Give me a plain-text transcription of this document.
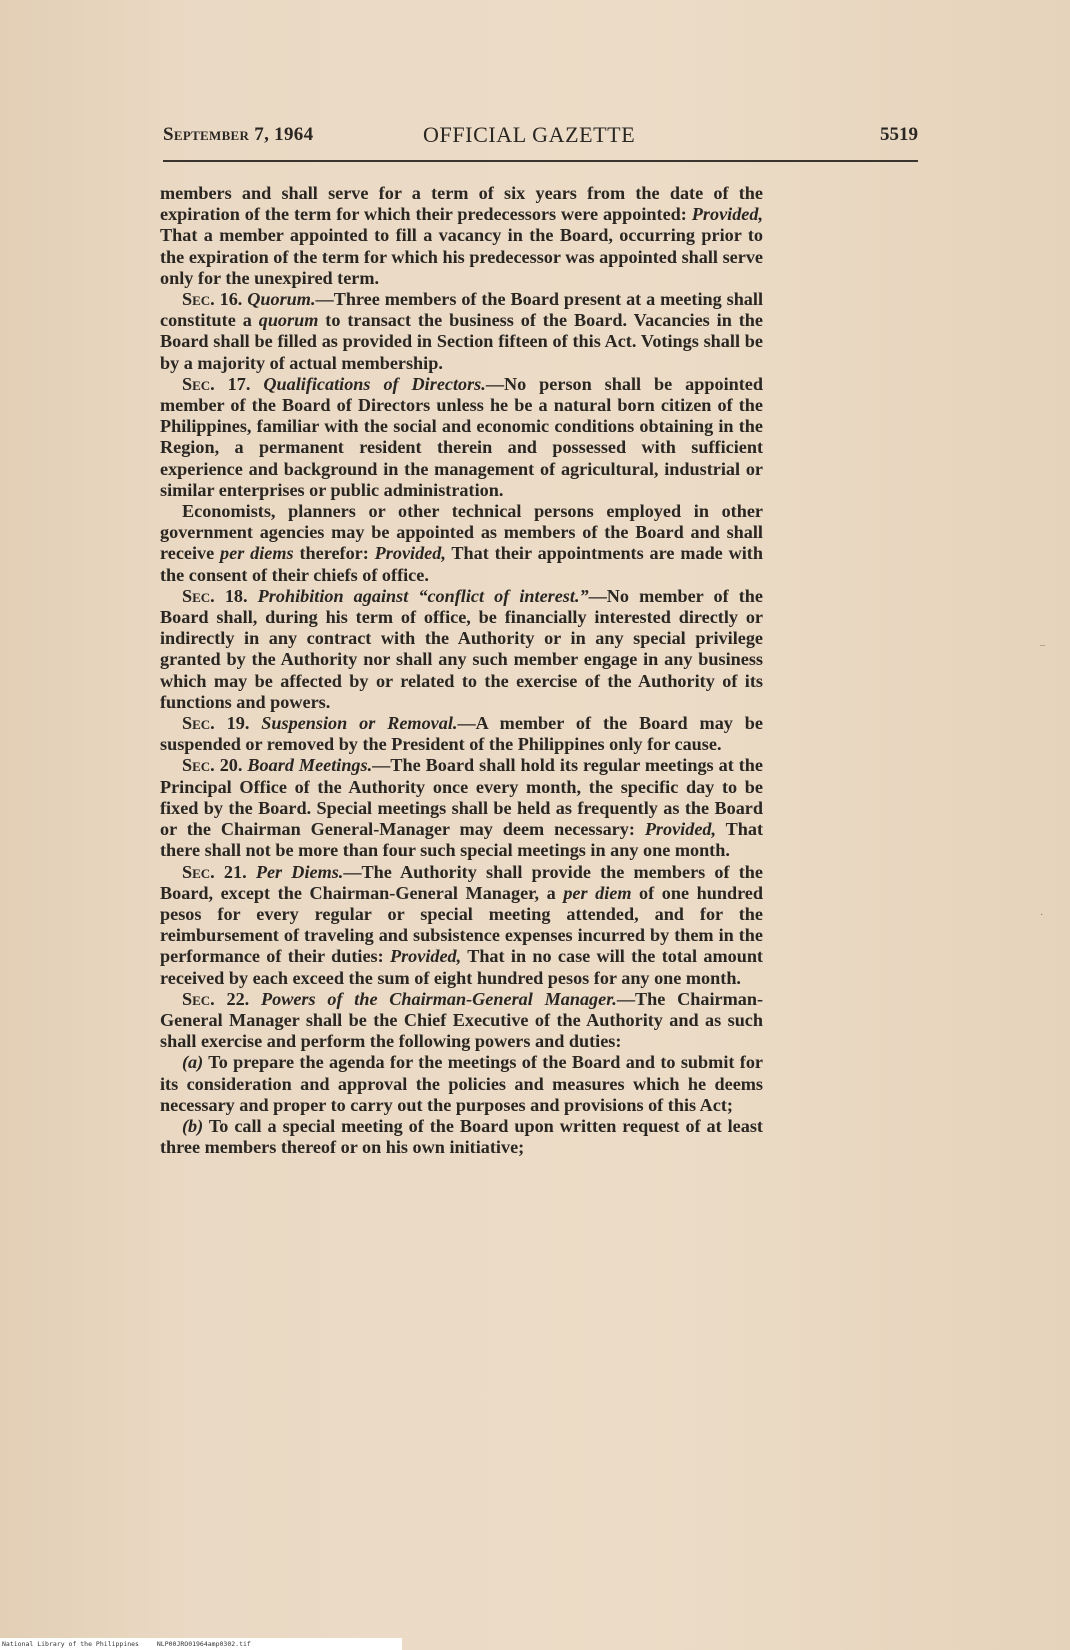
September 7, 1964	OFFICIAL GAZETTE	5519

members and shall serve for a term of six years from the date of the expiration of the term for which their predecessors were appointed: Provided, That a member appointed to fill a vacancy in the Board, occurring prior to the expiration of the term for which his predecessor was appointed shall serve only for the unexpired term.

Sec. 16. Quorum.—Three members of the Board present at a meeting shall constitute a quorum to transact the business of the Board. Vacancies in the Board shall be filled as provided in Section fifteen of this Act. Votings shall be by a majority of actual membership.

Sec. 17. Qualifications of Directors.—No person shall be appointed member of the Board of Directors unless he be a natural born citizen of the Philippines, familiar with the social and economic conditions obtaining in the Region, a permanent resident therein and possessed with sufficient experience and background in the management of agricultural, industrial or similar enterprises or public administration.

Economists, planners or other technical persons employed in other government agencies may be appointed as members of the Board and shall receive per diems therefor: Provided, That their appointments are made with the consent of their chiefs of office.

Sec. 18. Prohibition against “conflict of interest.”—No member of the Board shall, during his term of office, be financially interested directly or indirectly in any contract with the Authority or in any special privilege granted by the Authority nor shall any such member engage in any business which may be affected by or related to the exercise of the Authority of its functions and powers.

Sec. 19. Suspension or Removal.—A member of the Board may be suspended or removed by the President of the Philippines only for cause.

Sec. 20. Board Meetings.—The Board shall hold its regular meetings at the Principal Office of the Authority once every month, the specific day to be fixed by the Board. Special meetings shall be held as frequently as the Board or the Chairman General-Manager may deem necessary: Provided, That there shall not be more than four such special meetings in any one month.

Sec. 21. Per Diems.—The Authority shall provide the members of the Board, except the Chairman-General Manager, a per diem of one hundred pesos for every regular or special meeting attended, and for the reimbursement of traveling and subsistence expenses incurred by them in the performance of their duties: Provided, That in no case will the total amount received by each exceed the sum of eight hundred pesos for any one month.

Sec. 22. Powers of the Chairman-General Manager.—The Chairman-General Manager shall be the Chief Executive of the Authority and as such shall exercise and perform the following powers and duties:

(a) To prepare the agenda for the meetings of the Board and to submit for its consideration and approval the policies and measures which he deems necessary and proper to carry out the purposes and provisions of this Act;

(b) To call a special meeting of the Board upon written request of at least three members thereof or on his own initiative;

–
·
National Library of the Philippines	NLP00JRO01964amp0302.tif
